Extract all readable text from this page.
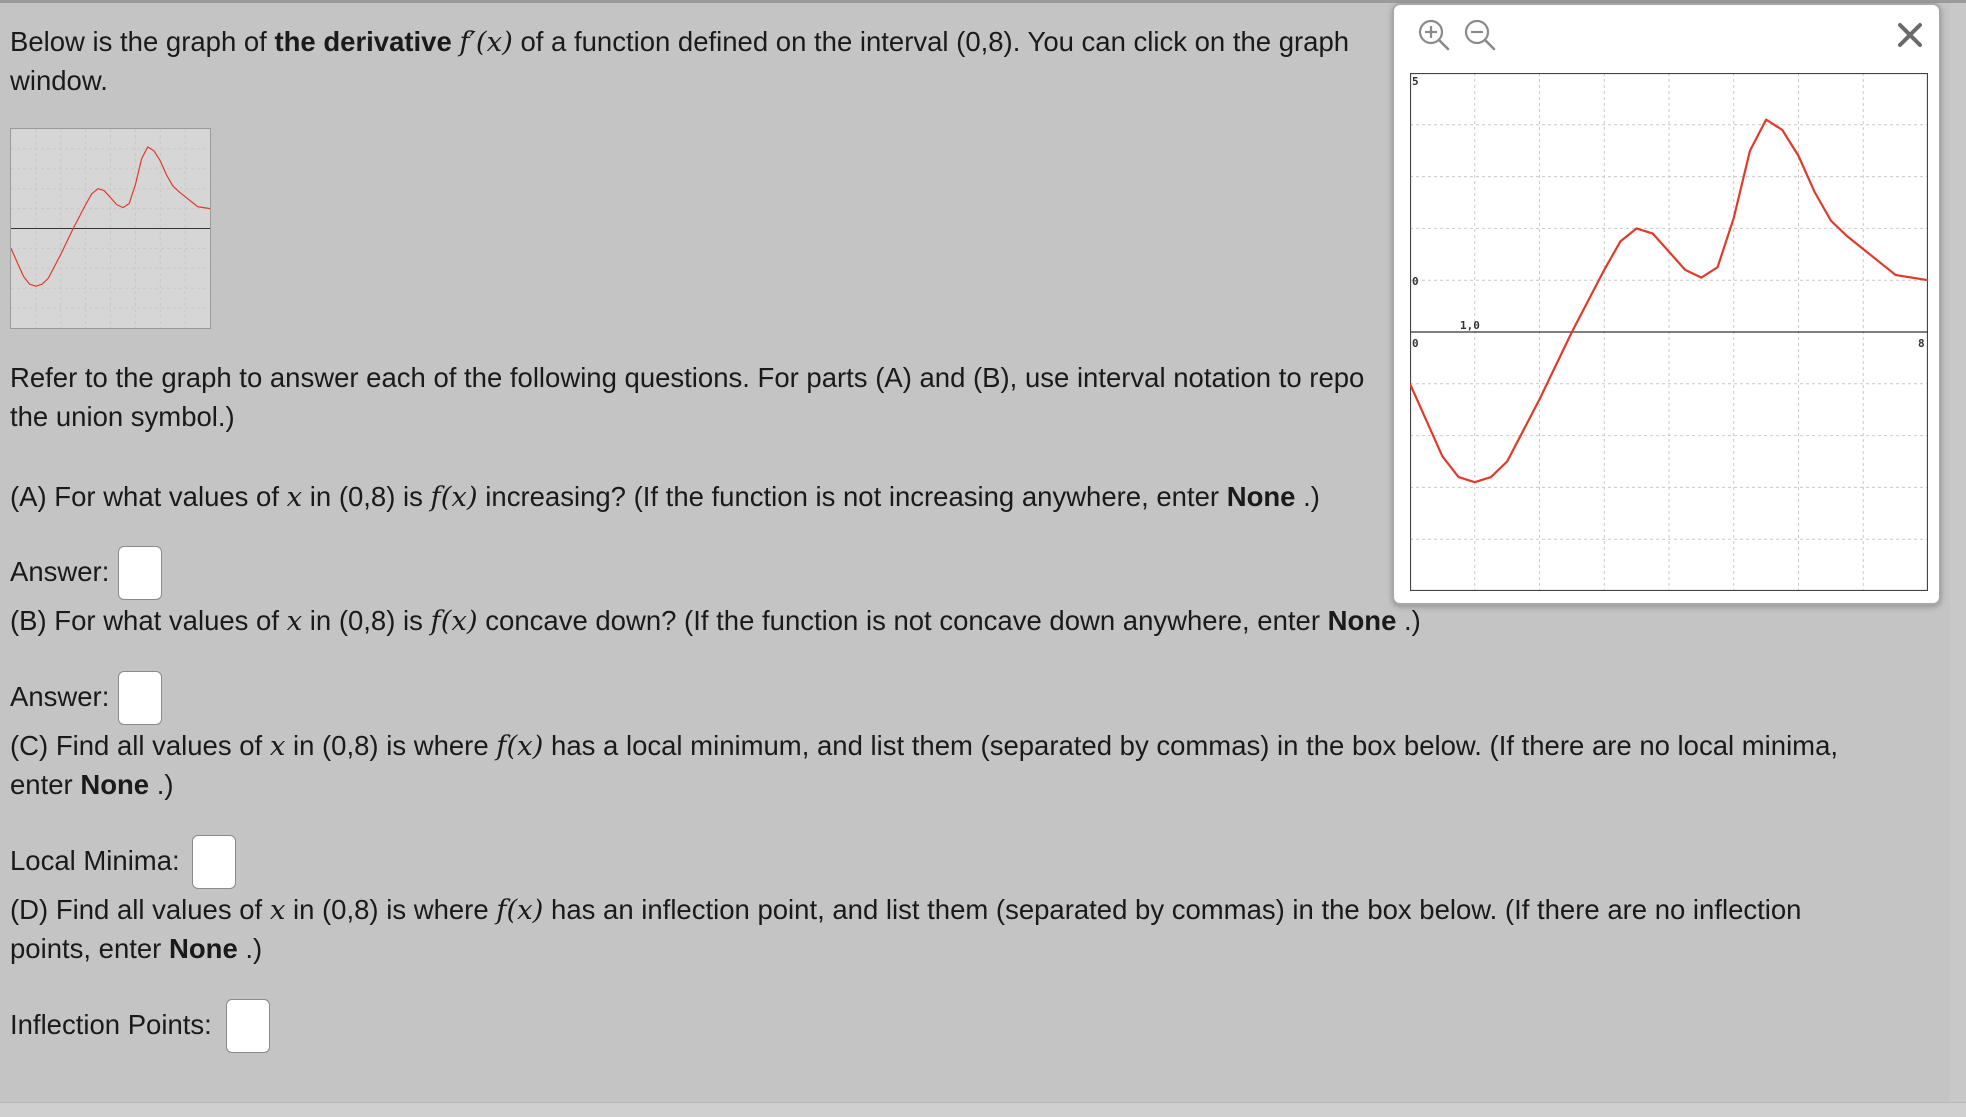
Below is the graph of the derivative f′(x) of a function defined on the interval (0,8). You can click on the graph
window.
Refer to the graph to answer each of the following questions. For parts (A) and (B), use interval notation to repo
the union symbol.)
(A) For what values of x in (0,8) is f(x) increasing? (If the function is not increasing anywhere, enter None .)
Answer:
(B) For what values of x in (0,8) is f(x) concave down? (If the function is not concave down anywhere, enter None .)
Answer:
(C) Find all values of x in (0,8) is where f(x) has a local minimum, and list them (separated by commas) in the box below. (If there are no local minima,
enter None .)
Local Minima:
(D) Find all values of x in (0,8) is where f(x) has an inflection point, and list them (separated by commas) in the box below. (If there are no inflection
points, enter None .)
Inflection Points:
5
0
0
1,0
8
